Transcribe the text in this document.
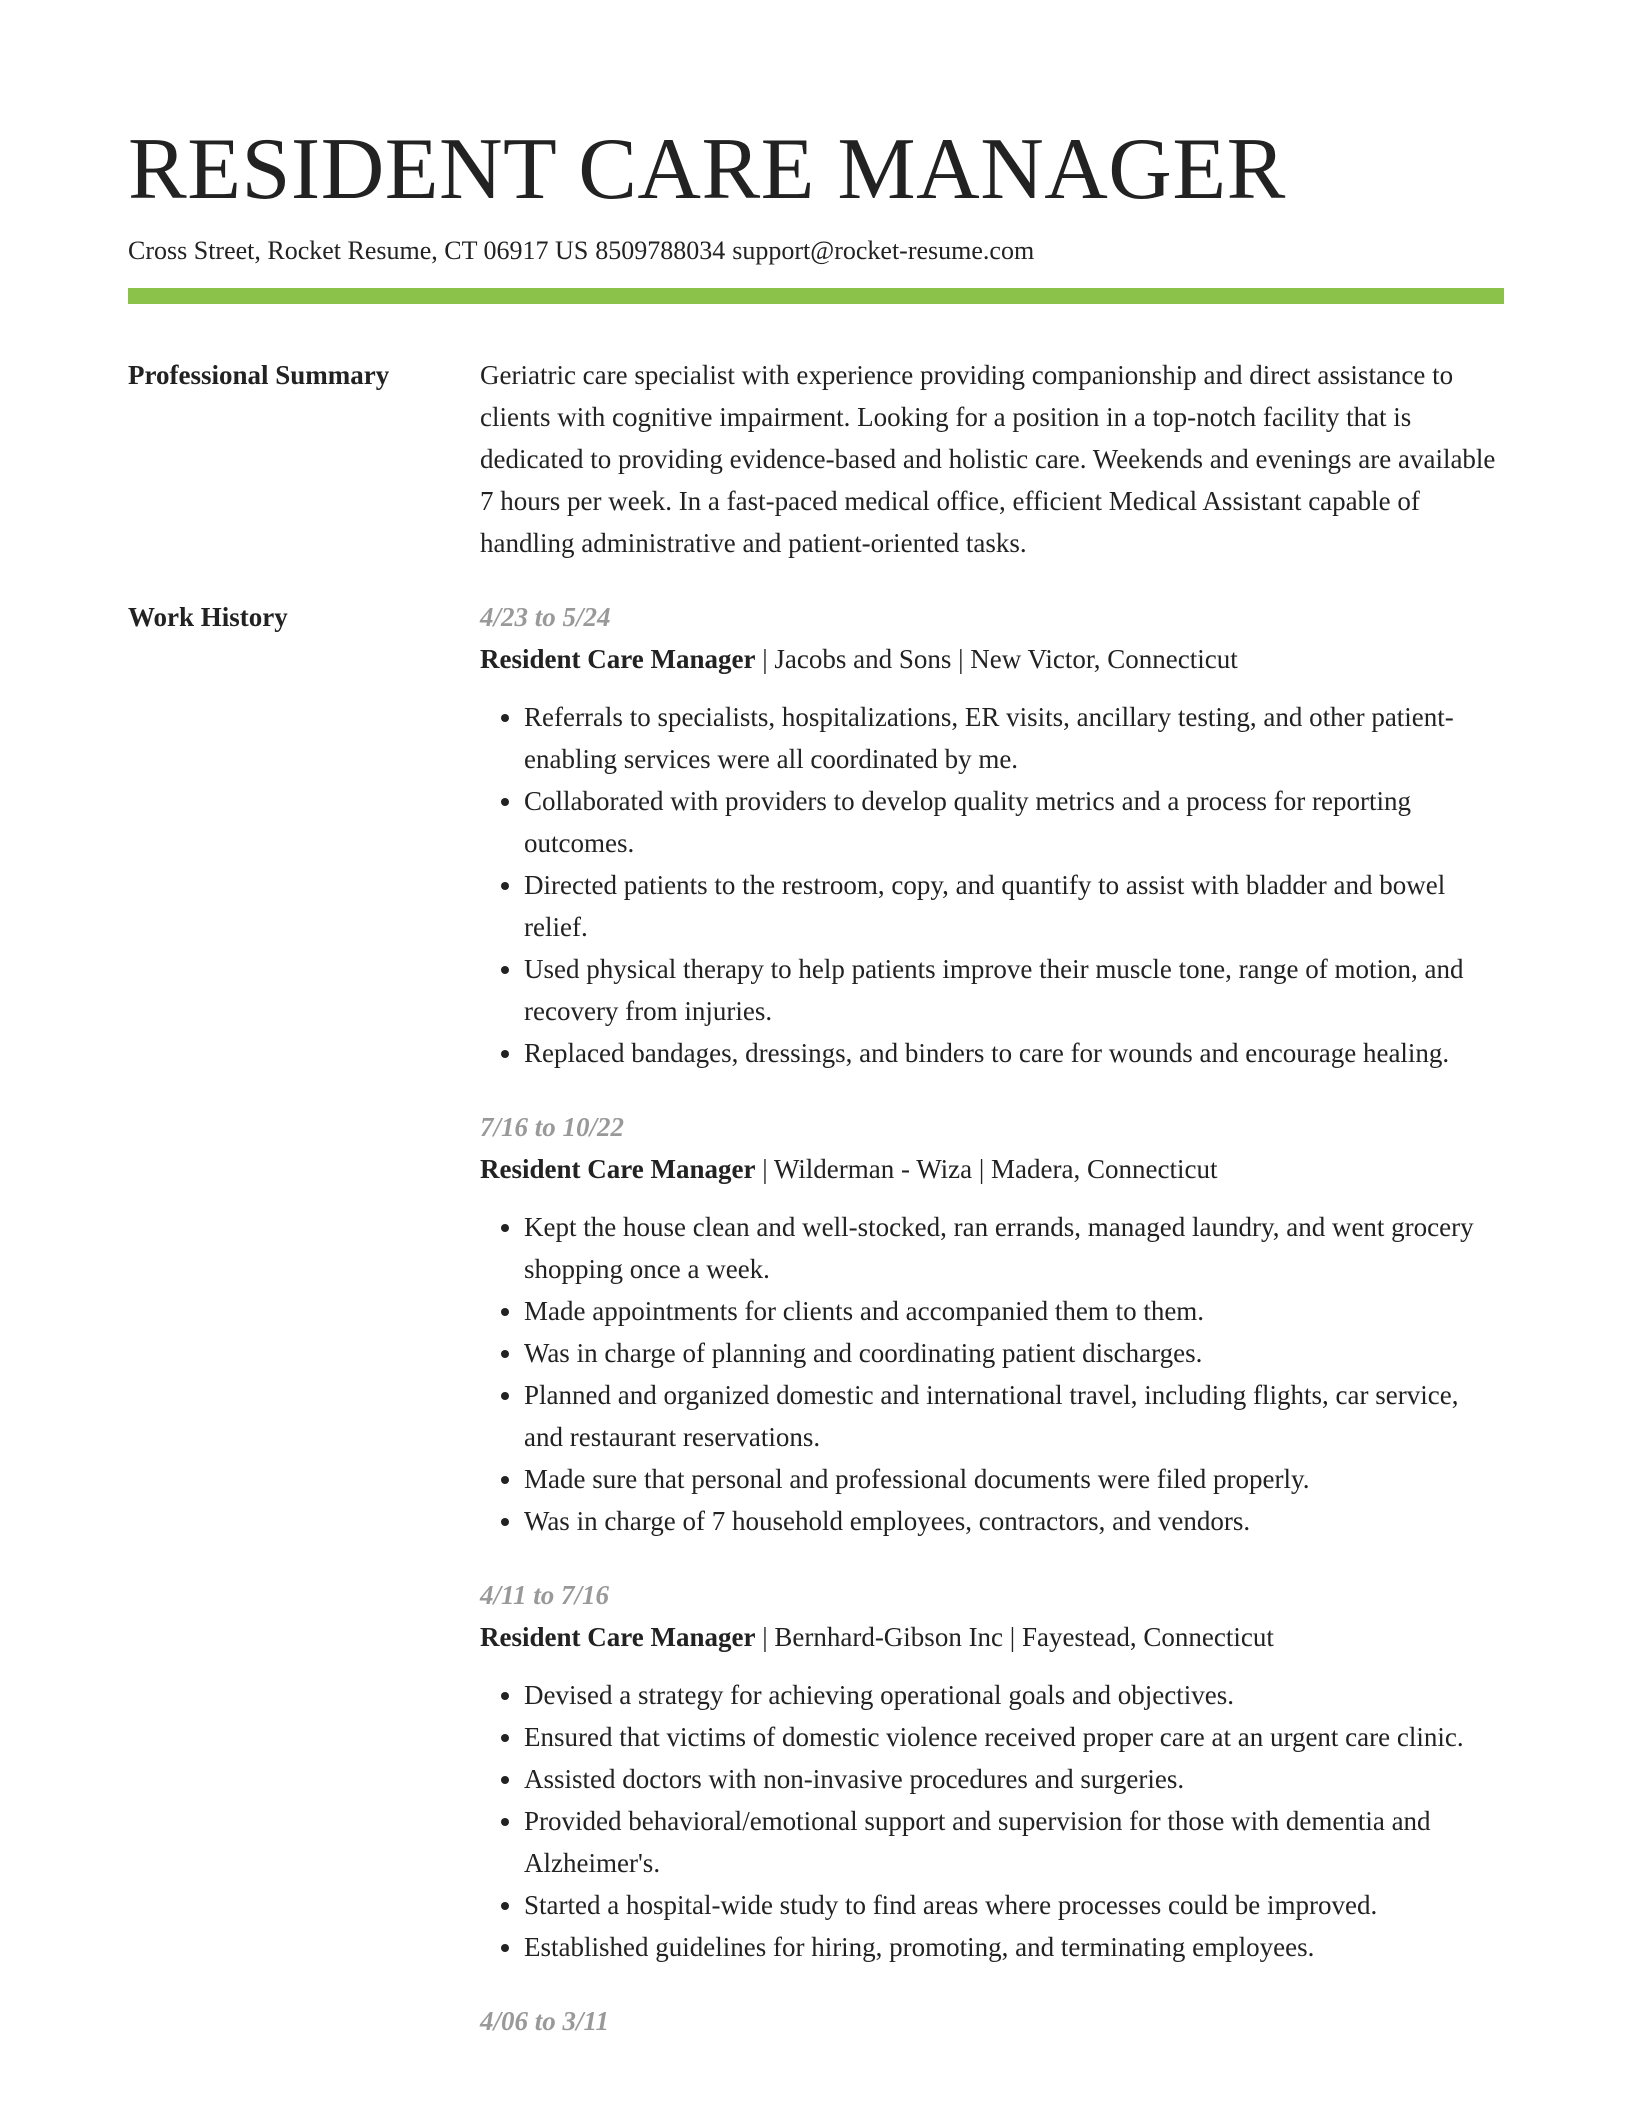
RESIDENT CARE MANAGER
Cross Street, Rocket Resume, CT 06917 US 8509788034 support@rocket-resume.com
Professional Summary	Geriatric care specialist with experience providing companionship and direct assistance to clients with cognitive impairment. Looking for a position in a top-notch facility that is dedicated to providing evidence-based and holistic care. Weekends and evenings are available 7 hours per week. In a fast-paced medical office, efficient Medical Assistant capable of handling administrative and patient-oriented tasks.
Work History	4/23 to 5/24
Resident Care Manager | Jacobs and Sons | New Victor, Connecticut
• Referrals to specialists, hospitalizations, ER visits, ancillary testing, and other patient-enabling services were all coordinated by me.
• Collaborated with providers to develop quality metrics and a process for reporting outcomes.
• Directed patients to the restroom, copy, and quantify to assist with bladder and bowel relief.
• Used physical therapy to help patients improve their muscle tone, range of motion, and recovery from injuries.
• Replaced bandages, dressings, and binders to care for wounds and encourage healing.
7/16 to 10/22
Resident Care Manager | Wilderman - Wiza | Madera, Connecticut
• Kept the house clean and well-stocked, ran errands, managed laundry, and went grocery shopping once a week.
• Made appointments for clients and accompanied them to them.
• Was in charge of planning and coordinating patient discharges.
• Planned and organized domestic and international travel, including flights, car service, and restaurant reservations.
• Made sure that personal and professional documents were filed properly.
• Was in charge of 7 household employees, contractors, and vendors.
4/11 to 7/16
Resident Care Manager | Bernhard-Gibson Inc | Fayestead, Connecticut
• Devised a strategy for achieving operational goals and objectives.
• Ensured that victims of domestic violence received proper care at an urgent care clinic.
• Assisted doctors with non-invasive procedures and surgeries.
• Provided behavioral/emotional support and supervision for those with dementia and Alzheimer's.
• Started a hospital-wide study to find areas where processes could be improved.
• Established guidelines for hiring, promoting, and terminating employees.
4/06 to 3/11
